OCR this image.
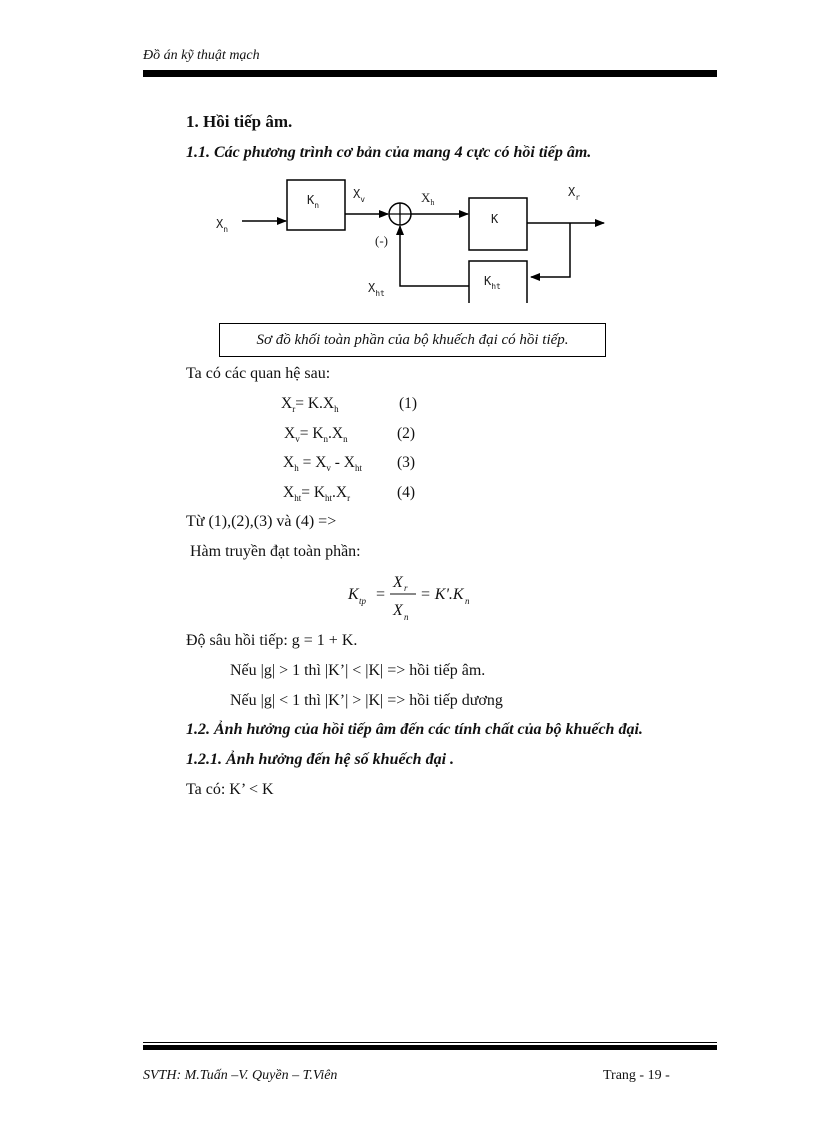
Đồ án kỹ thuật mạch
1. Hồi tiếp âm.
1.1. Các phương trình cơ bản của mang 4 cực có hồi tiếp âm.
$X_n$
$K_n$
$X_v$
(-)
$X_h$
K
$X_r$
$K_{ht}$
$X_{ht}$
Sơ đồ khối toàn phần của bộ khuếch đại có hồi tiếp.
Ta có các quan hệ sau:
$X_r= K.X_h$	(1)
$X_v= K_n.X_n$	(2)
$X_h = X_v - X_{ht}$ (3)
$X_{ht}= K_{ht}.X_r$	(4)
Từ (1),(2),(3) và (4) =>
Hàm truyền đạt toàn phần:
K tp =
X r
X n
= K'.K n
Độ sâu hồi tiếp: g = 1 + K.
Nếu |g| > 1 thì |K’| < |K| => hồi tiếp âm.
Nếu |g| < 1 thì |K’| > |K| => hồi tiếp dương
1.2. Ảnh hưởng của hồi tiếp âm đến các tính chất của bộ khuếch đại.
1.2.1. Ảnh hưởng đến hệ số khuếch đại .
Ta có: K’ < K
SVTH: M.Tuấn –V. Quyền – T.Viên	Trang - 19 -
